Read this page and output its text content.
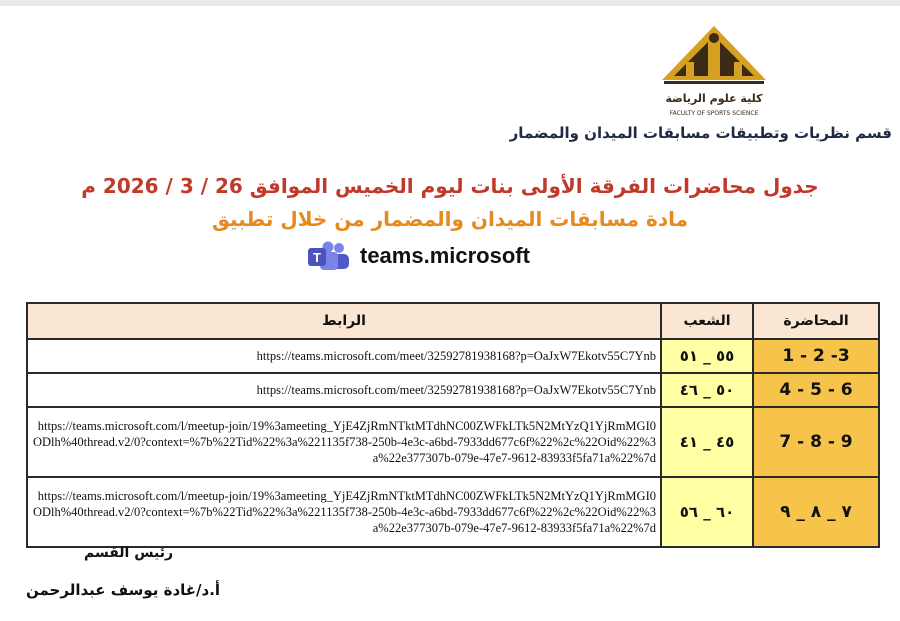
كلية علوم الرياضة
FACULTY OF SPORTS SCIENCE
قسم نظريات وتطبيقات مسابقات الميدان والمضمار
جدول محاضرات الفرقة الأولى بنات ليوم الخميس الموافق 26 / 3 / 2026 م
مادة مسابقات الميدان والمضمار من خلال تطبيق
T teams.microsoft
المحاضرة	الشعب	الرابط
1 - 2 -3	٥٥ _ ٥١	https://teams.microsoft.com/meet/32592781938168?p=OaJxW7Ekotv55C7Ynb
4 - 5 - 6	٥٠ _ ٤٦	https://teams.microsoft.com/meet/32592781938168?p=OaJxW7Ekotv55C7Ynb
7 - 8 - 9	٤٥ _ ٤١	https://teams.microsoft.com/l/meetup-join/19%3ameeting_YjE4ZjRmNTktMTdhNC00ZWFkLTk5N2MtYzQ1YjRmMGI0ODlh%40thread.v2/0?context=%7b%22Tid%22%3a%221135f738-250b-4e3c-a6bd-7933dd677c6f%22%2c%22Oid%22%3a%22e377307b-079e-47e7-9612-83933f5fa71a%22%7d
٧ _ ٨ _ ٩	٦٠ _ ٥٦	https://teams.microsoft.com/l/meetup-join/19%3ameeting_YjE4ZjRmNTktMTdhNC00ZWFkLTk5N2MtYzQ1YjRmMGI0ODlh%40thread.v2/0?context=%7b%22Tid%22%3a%221135f738-250b-4e3c-a6bd-7933dd677c6f%22%2c%22Oid%22%3a%22e377307b-079e-47e7-9612-83933f5fa71a%22%7d
رئيس القسم
أ.د/غادة يوسف عبدالرحمن
